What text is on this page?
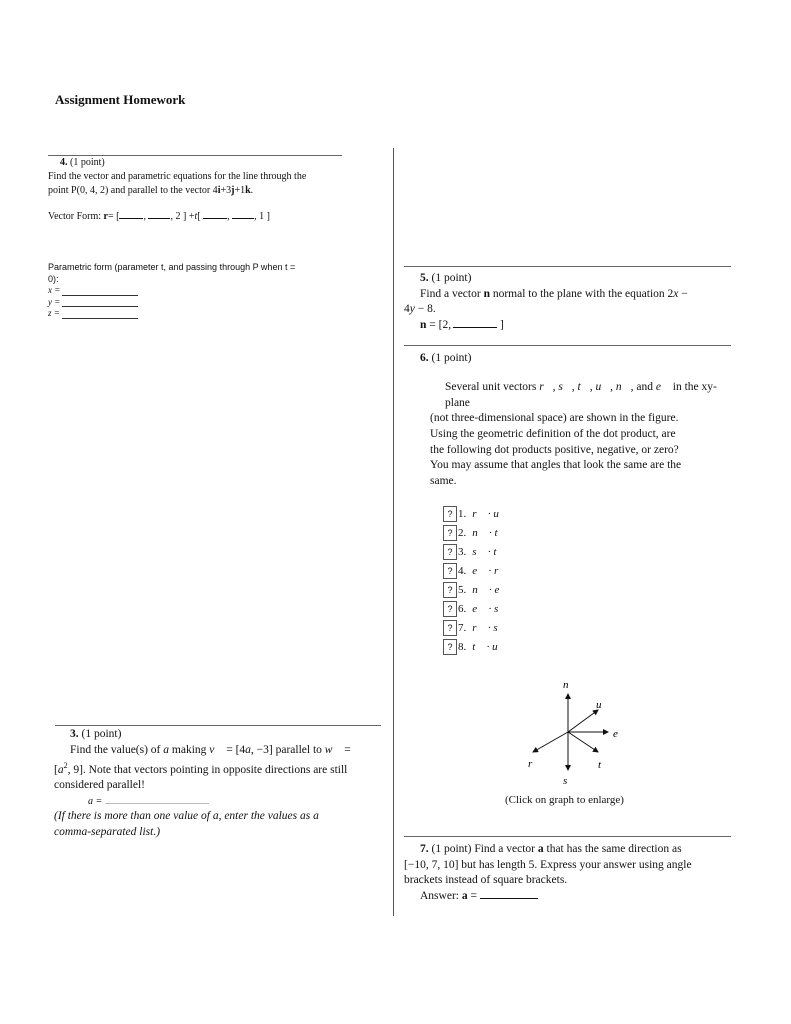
Assignment Homework
4. (1 point)
Find the vector and parametric equations for the line through the
point P(0, 4, 2) and parallel to the vector 4i+3j+1k.
Vector Form: r= [ , , 2 ] +t[	, , 1 ]
Parametric form (parameter t, and passing through P when t =
0):
x =
y =
z =
5. (1 point)
Find a vector n normal to the plane with the equation 2x −
4y − 8.
n = [2,	]
6. (1 point)
Several unit vectors r⃗, s⃗, t⃗, u⃗, n⃗, and e⃗ in the xy-plane
(not three-dimensional space) are shown in the figure.
Using the geometric definition of the dot product, are
the following dot products positive, negative, or zero?
You may assume that angles that look the same are the
same.
? 1. r⃗ · u⃗
? 2. n⃗ · t⃗
? 3. s⃗ · t⃗
? 4. e⃗ · r⃗
? 5. n⃗ · e⃗
? 6. e⃗ · s⃗
? 7. r⃗ · s⃗
? 8. t⃗ · u⃗
n⃗
u⃗
e⃗
r⃗	t⃗
s⃗
(Click on graph to enlarge)
3. (1 point)
Find the value(s) of a making v⃗ = [4a, −3] parallel to w⃗ =
[$a^2$, 9]. Note that vectors pointing in opposite directions are still
considered parallel!
a =
(If there is more than one value of a, enter the values as a
comma-separated list.)
7. (1 point) Find a vector a that has the same direction as
[−10, 7, 10] but has length 5. Express your answer using angle
brackets instead of square brackets.
Answer: a =
